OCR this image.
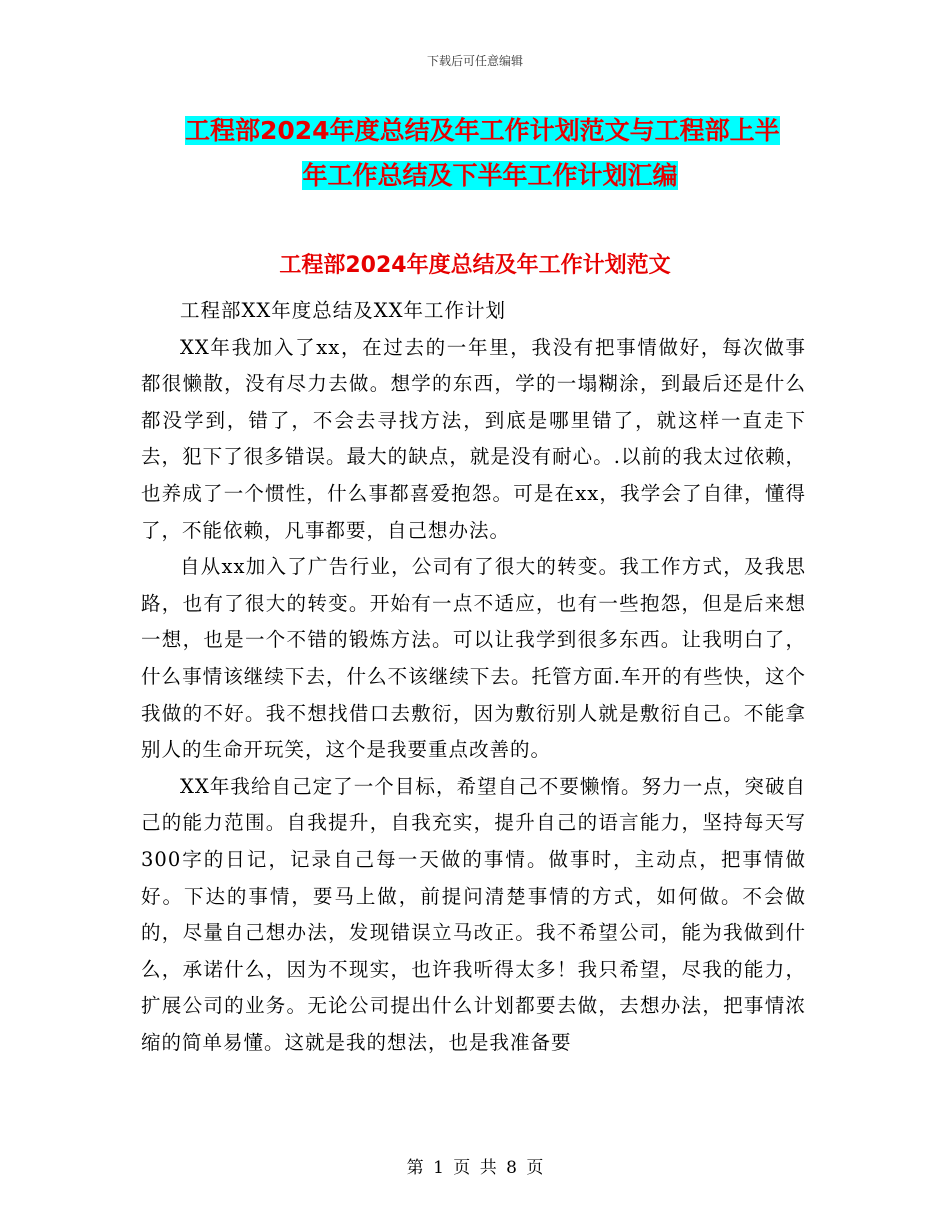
下载后可任意编辑
工程部2024年度总结及年工作计划范文与工程部上半
年工作总结及下半年工作计划汇编
工程部2024年度总结及年工作计划范文

工程部XX年度总结及XX年工作计划

XX年我加入了xx，在过去的一年里，我没有把事情做好，每次做事都很懒散，没有尽力去做。想学的东西，学的一塌糊涂，到最后还是什么都没学到，错了，不会去寻找方法，到底是哪里错了，就这样一直走下去，犯下了很多错误。最大的缺点，就是没有耐心。.以前的我太过依赖，也养成了一个惯性，什么事都喜爱抱怨。可是在xx，我学会了自律，懂得了，不能依赖，凡事都要，自己想办法。

自从xx加入了广告行业，公司有了很大的转变。我工作方式，及我思路，也有了很大的转变。开始有一点不适应，也有一些抱怨，但是后来想一想，也是一个不错的锻炼方法。可以让我学到很多东西。让我明白了，什么事情该继续下去，什么不该继续下去。托管方面.车开的有些快，这个我做的不好。我不想找借口去敷衍，因为敷衍别人就是敷衍自己。不能拿别人的生命开玩笑，这个是我要重点改善的。

XX年我给自己定了一个目标，希望自己不要懒惰。努力一点，突破自己的能力范围。自我提升，自我充实，提升自己的语言能力，坚持每天写300字的日记，记录自己每一天做的事情。做事时，主动点，把事情做好。下达的事情，要马上做，前提问清楚事情的方式，如何做。不会做的，尽量自己想办法，发现错误立马改正。我不希望公司，能为我做到什么，承诺什么，因为不现实，也许我听得太多！我只希望，尽我的能力，扩展公司的业务。无论公司提出什么计划都要去做，去想办法，把事情浓缩的简单易懂。这就是我的想法，也是我准备要

第 1 页 共 8 页
